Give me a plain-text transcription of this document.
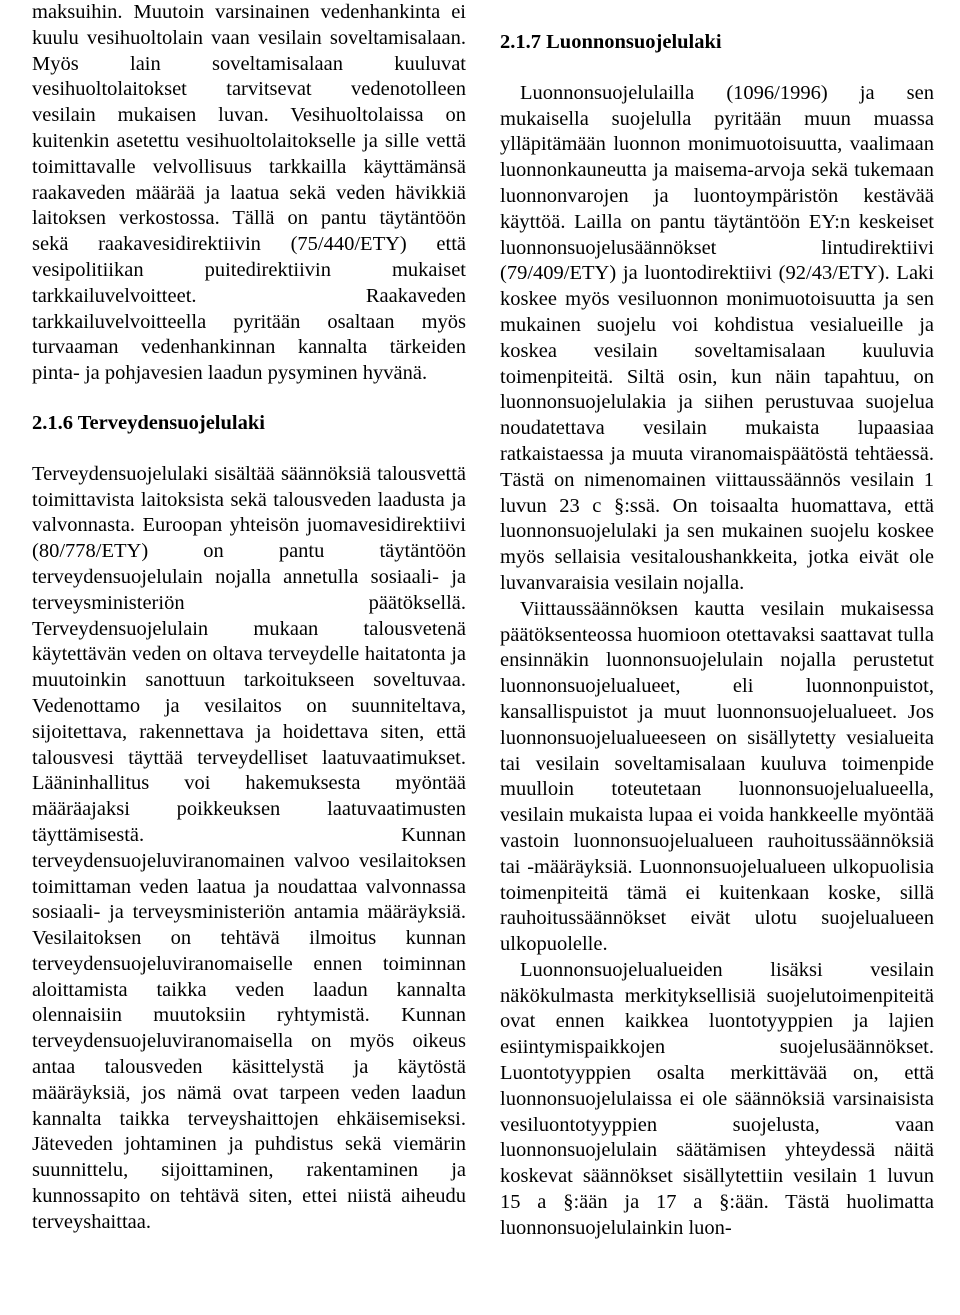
maksuihin. Muutoin varsinainen vedenhankinta ei kuulu vesihuoltolain vaan vesilain soveltamisalaan. Myös lain soveltamisalaan kuuluvat vesihuoltolaitokset tarvitsevat vedenotolleen vesilain mukaisen luvan. Vesihuoltolaissa on kuitenkin asetettu vesihuoltolaitokselle ja sille vettä toimittavalle velvollisuus tarkkailla käyttämänsä raakaveden määrää ja laatua sekä veden hävikkiä laitoksen verkostossa. Tällä on pantu täytäntöön sekä raakavesidirektiivin (75/440/ETY) että vesipolitiikan puitedirektiivin mukaiset tarkkailuvelvoitteet. Raakaveden tarkkailuvelvoitteella pyritään osaltaan myös turvaaman vedenhankinnan kannalta tärkeiden pinta- ja pohjavesien laadun pysyminen hyvänä.

2.1.6 Terveydensuojelulaki

Terveydensuojelulaki sisältää säännöksiä talousvettä toimittavista laitoksista sekä talousveden laadusta ja valvonnasta. Euroopan yhteisön juomavesidirektiivi (80/778/ETY) on pantu täytäntöön terveydensuojelulain nojalla annetulla sosiaali- ja terveysministeriön päätöksellä. Terveydensuojelulain mukaan talousvetenä käytettävän veden on oltava terveydelle haitatonta ja muutoinkin sanottuun tarkoitukseen soveltuvaa. Vedenottamo ja vesilaitos on suunniteltava, sijoitettava, rakennettava ja hoidettava siten, että talousvesi täyttää terveydelliset laatuvaatimukset. Lääninhallitus voi hakemuksesta myöntää määräajaksi poikkeuksen laatuvaatimusten täyttämisestä. Kunnan terveydensuojeluviranomainen valvoo vesilaitoksen toimittaman veden laatua ja noudattaa valvonnassa sosiaali- ja terveysministeriön antamia määräyksiä. Vesilaitoksen on tehtävä ilmoitus kunnan terveydensuojeluviranomaiselle ennen toiminnan aloittamista taikka veden laadun kannalta olennaisiin muutoksiin ryhtymistä. Kunnan terveydensuojeluviranomaisella on myös oikeus antaa talousveden käsittelystä ja käytöstä määräyksiä, jos nämä ovat tarpeen veden laadun kannalta taikka terveyshaittojen ehkäisemiseksi. Jäteveden johtaminen ja puhdistus sekä viemärin suunnittelu, sijoittaminen, rakentaminen ja kunnossapito on tehtävä siten, ettei niistä aiheudu terveyshaittaa.

2.1.7 Luonnonsuojelulaki

Luonnonsuojelulailla (1096/1996) ja sen mukaisella suojelulla pyritään muun muassa ylläpitämään luonnon monimuotoisuutta, vaalimaan luonnonkauneutta ja maisema-arvoja sekä tukemaan luonnonvarojen ja luontoympäristön kestävää käyttöä. Lailla on pantu täytäntöön EY:n keskeiset luonnonsuojelusäännökset lintudirektiivi (79/409/ETY) ja luontodirektiivi (92/43/ETY). Laki koskee myös vesiluonnon monimuotoisuutta ja sen mukainen suojelu voi kohdistua vesialueille ja koskea vesilain soveltamisalaan kuuluvia toimenpiteitä. Siltä osin, kun näin tapahtuu, on luonnonsuojelulakia ja siihen perustuvaa suojelua noudatettava vesilain mukaista lupaasiaa ratkaistaessa ja muuta viranomaispäätöstä tehtäessä. Tästä on nimenomainen viittaussäännös vesilain 1 luvun 23 c §:ssä. On toisaalta huomattava, että luonnonsuojelulaki ja sen mukainen suojelu koskee myös sellaisia vesitaloushankkeita, jotka eivät ole luvanvaraisia vesilain nojalla.

Viittaussäännöksen kautta vesilain mukaisessa päätöksenteossa huomioon otettavaksi saattavat tulla ensinnäkin luonnonsuojelulain nojalla perustetut luonnonsuojelualueet, eli luonnonpuistot, kansallispuistot ja muut luonnonsuojelualueet. Jos luonnonsuojelualueeseen on sisällytetty vesialueita tai vesilain soveltamisalaan kuuluva toimenpide muulloin toteutetaan luonnonsuojelualueella, vesilain mukaista lupaa ei voida hankkeelle myöntää vastoin luonnonsuojelualueen rauhoitussäännöksiä tai -määräyksiä. Luonnonsuojelualueen ulkopuolisia toimenpiteitä tämä ei kuitenkaan koske, sillä rauhoitussäännökset eivät ulotu suojelualueen ulkopuolelle.

Luonnonsuojelualueiden lisäksi vesilain näkökulmasta merkityksellisiä suojelutoimenpiteitä ovat ennen kaikkea luontotyyppien ja lajien esiintymispaikkojen suojelusäännökset. Luontotyyppien osalta merkittävää on, että luonnonsuojelulaissa ei ole säännöksiä varsinaisista vesiluontotyyppien suojelusta, vaan luonnonsuojelulain säätämisen yhteydessä näitä koskevat säännökset sisällytettiin vesilain 1 luvun 15 a §:ään ja 17 a §:ään. Tästä huolimatta luonnonsuojelulainkin luon-
